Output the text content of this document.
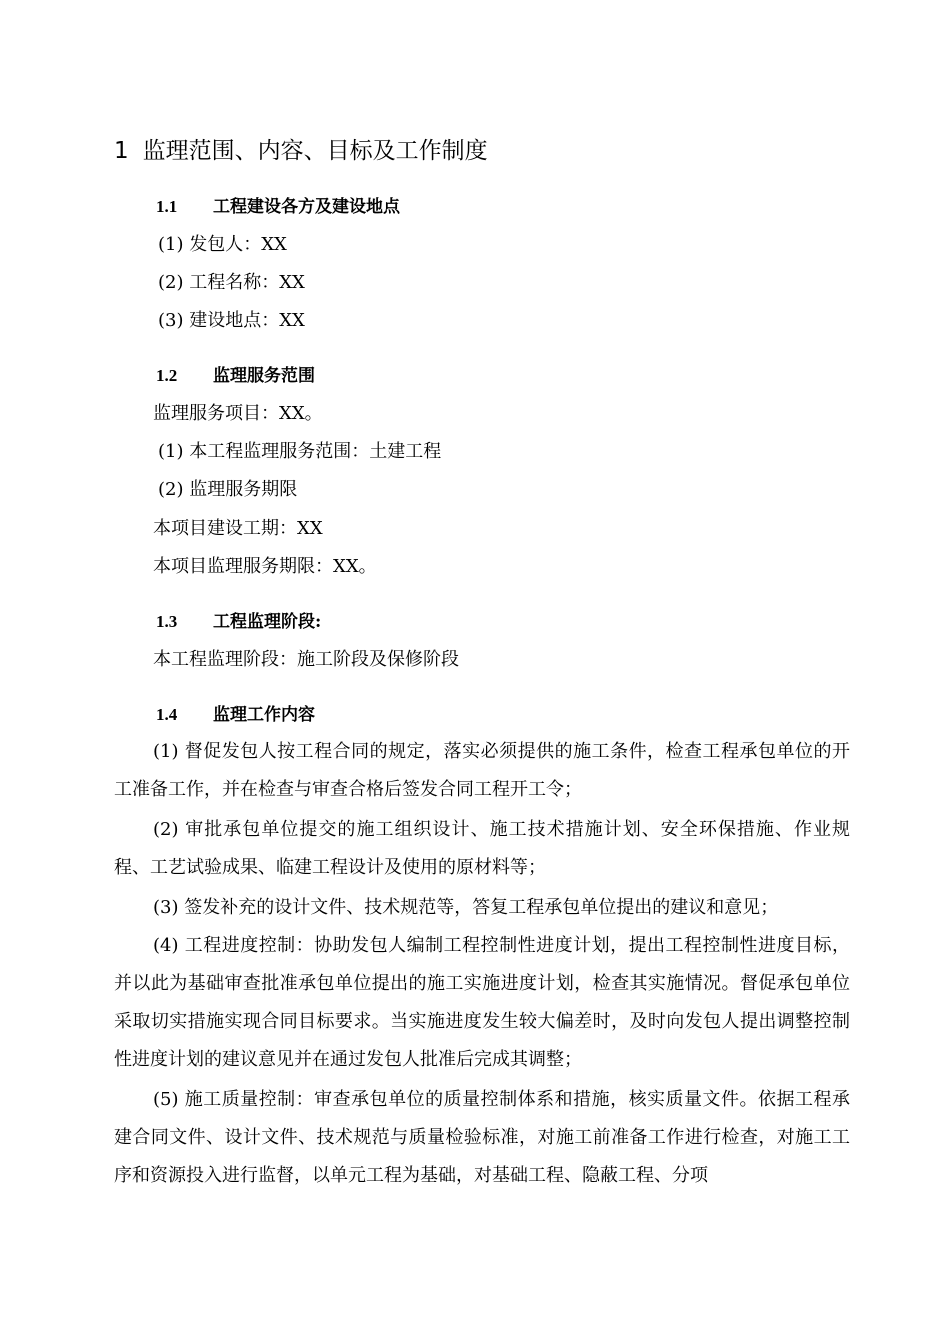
1 监理范围、内容、目标及工作制度
1.1 工程建设各方及建设地点
(1) 发包人：XX
(2) 工程名称：XX
(3) 建设地点：XX
1.2 监理服务范围
监理服务项目：XX。
(1) 本工程监理服务范围：土建工程
(2) 监理服务期限
本项目建设工期：XX
本项目监理服务期限：XX。
1.3 工程监理阶段:
本工程监理阶段：施工阶段及保修阶段
1.4 监理工作内容
(1) 督促发包人按工程合同的规定，落实必须提供的施工条件，检查工程承包单位的开工准备工作，并在检查与审查合格后签发合同工程开工令；
(2) 审批承包单位提交的施工组织设计、施工技术措施计划、安全环保措施、作业规程、工艺试验成果、临建工程设计及使用的原材料等；
(3) 签发补充的设计文件、技术规范等，答复工程承包单位提出的建议和意见；
(4) 工程进度控制：协助发包人编制工程控制性进度计划，提出工程控制性进度目标，并以此为基础审查批准承包单位提出的施工实施进度计划，检查其实施情况。督促承包单位采取切实措施实现合同目标要求。当实施进度发生较大偏差时，及时向发包人提出调整控制性进度计划的建议意见并在通过发包人批准后完成其调整；
(5) 施工质量控制：审查承包单位的质量控制体系和措施，核实质量文件。依据工程承建合同文件、设计文件、技术规范与质量检验标准，对施工前准备工作进行检查，对施工工序和资源投入进行监督，以单元工程为基础，对基础工程、隐蔽工程、分项
